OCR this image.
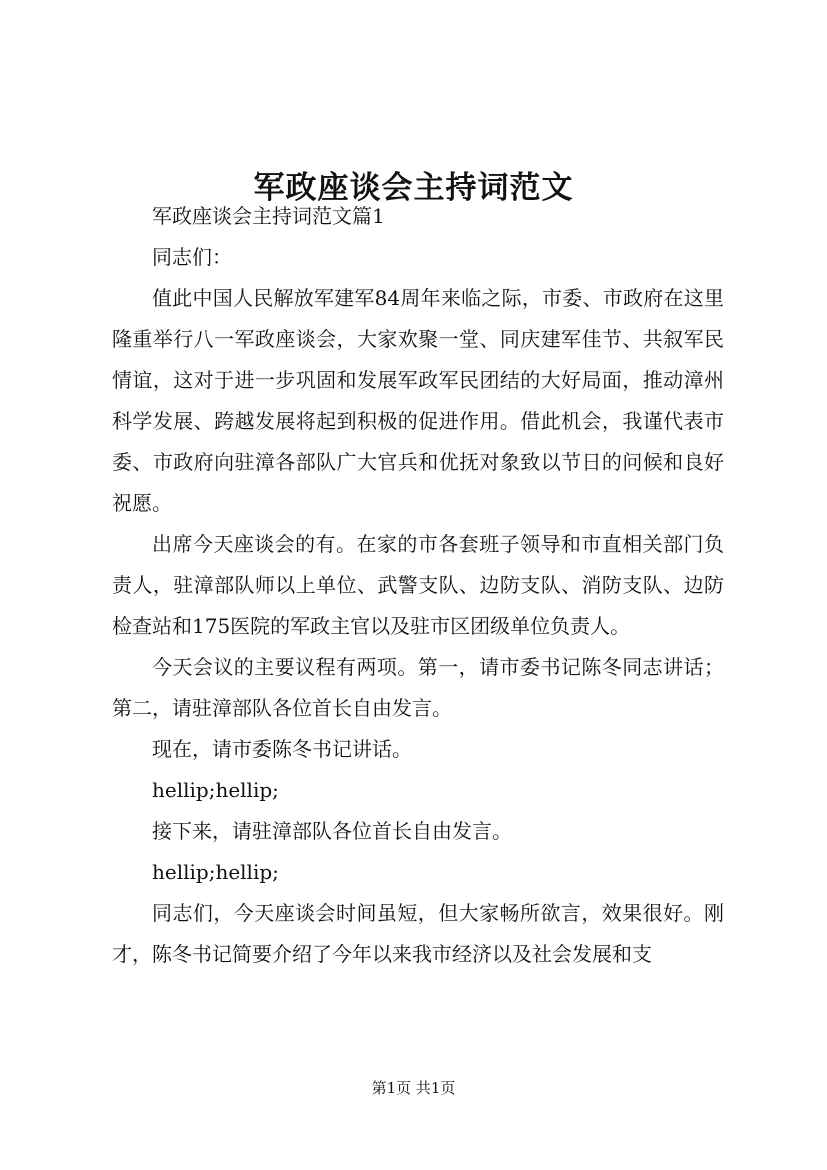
军政座谈会主持词范文

军政座谈会主持词范文篇1

同志们：

值此中国人民解放军建军84周年来临之际，市委、市政府在这里隆重举行八一军政座谈会，大家欢聚一堂、同庆建军佳节、共叙军民情谊，这对于进一步巩固和发展军政军民团结的大好局面，推动漳州科学发展、跨越发展将起到积极的促进作用。借此机会，我谨代表市委、市政府向驻漳各部队广大官兵和优抚对象致以节日的问候和良好祝愿。

出席今天座谈会的有。在家的市各套班子领导和市直相关部门负责人，驻漳部队师以上单位、武警支队、边防支队、消防支队、边防检查站和175医院的军政主官以及驻市区团级单位负责人。

今天会议的主要议程有两项。第一，请市委书记陈冬同志讲话；第二，请驻漳部队各位首长自由发言。

现在，请市委陈冬书记讲话。

hellip;hellip;

接下来，请驻漳部队各位首长自由发言。

hellip;hellip;

同志们，今天座谈会时间虽短，但大家畅所欲言，效果很好。刚才，陈冬书记简要介绍了今年以来我市经济以及社会发展和支

第1页 共1页
